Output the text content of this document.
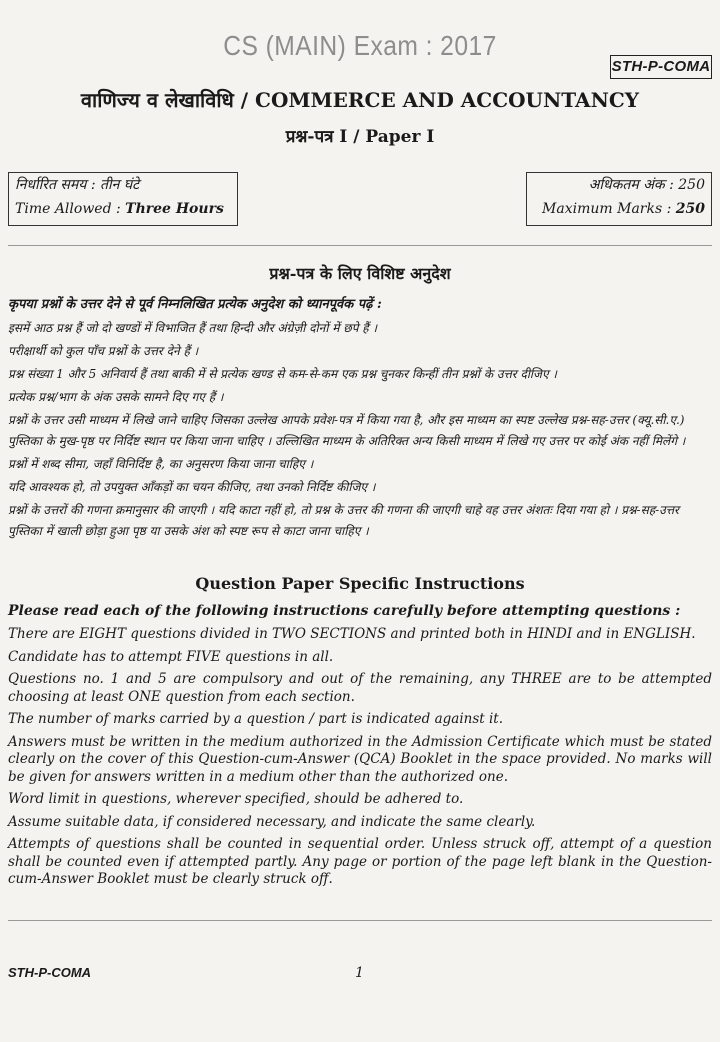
CS (MAIN) Exam : 2017
STH-P-COMA
वाणिज्य व लेखाविधि / COMMERCE AND ACCOUNTANCY
प्रश्न-पत्र I / Paper I
निर्धारित समय : तीन घंटे
Time Allowed : Three Hours
अधिकतम अंक : 250
Maximum Marks : 250
प्रश्न-पत्र के लिए विशिष्ट अनुदेश
कृपया प्रश्नों के उत्तर देने से पूर्व निम्नलिखित प्रत्येक अनुदेश को ध्यानपूर्वक पढ़ें :

इसमें आठ प्रश्न हैं जो दो खण्डों में विभाजित हैं तथा हिन्दी और अंग्रेज़ी दोनों में छपे हैं ।

परीक्षार्थी को कुल पाँच प्रश्नों के उत्तर देने हैं ।

प्रश्न संख्या 1 और 5 अनिवार्य हैं तथा बाकी में से प्रत्येक खण्ड से कम-से-कम एक प्रश्न चुनकर किन्हीं तीन प्रश्नों के उत्तर दीजिए ।

प्रत्येक प्रश्न/भाग के अंक उसके सामने दिए गए हैं ।

प्रश्नों के उत्तर उसी माध्यम में लिखे जाने चाहिए जिसका उल्लेख आपके प्रवेश-पत्र में किया गया है, और इस माध्यम का स्पष्ट उल्लेख प्रश्न-सह-उत्तर (क्यू.सी.ए.) पुस्तिका के मुख-पृष्ठ पर निर्दिष्ट स्थान पर किया जाना चाहिए । उल्लिखित माध्यम के अतिरिक्त अन्य किसी माध्यम में लिखे गए उत्तर पर कोई अंक नहीं मिलेंगे ।

प्रश्नों में शब्द सीमा, जहाँ विनिर्दिष्ट है, का अनुसरण किया जाना चाहिए ।

यदि आवश्यक हो, तो उपयुक्त आँकड़ों का चयन कीजिए, तथा उनको निर्दिष्ट कीजिए ।

प्रश्नों के उत्तरों की गणना क्रमानुसार की जाएगी । यदि काटा नहीं हो, तो प्रश्न के उत्तर की गणना की जाएगी चाहे वह उत्तर अंशतः दिया गया हो । प्रश्न-सह-उत्तर पुस्तिका में खाली छोड़ा हुआ पृष्ठ या उसके अंश को स्पष्ट रूप से काटा जाना चाहिए ।

Question Paper Specific Instructions
Please read each of the following instructions carefully before attempting questions :

There are EIGHT questions divided in TWO SECTIONS and printed both in HINDI and in ENGLISH.

Candidate has to attempt FIVE questions in all.

Questions no. 1 and 5 are compulsory and out of the remaining, any THREE are to be attempted choosing at least ONE question from each section.

The number of marks carried by a question / part is indicated against it.

Answers must be written in the medium authorized in the Admission Certificate which must be stated clearly on the cover of this Question-cum-Answer (QCA) Booklet in the space provided. No marks will be given for answers written in a medium other than the authorized one.

Word limit in questions, wherever specified, should be adhered to.

Assume suitable data, if considered necessary, and indicate the same clearly.

Attempts of questions shall be counted in sequential order. Unless struck off, attempt of a question shall be counted even if attempted partly. Any page or portion of the page left blank in the Question-cum-Answer Booklet must be clearly struck off.

STH-P-COMA	1
